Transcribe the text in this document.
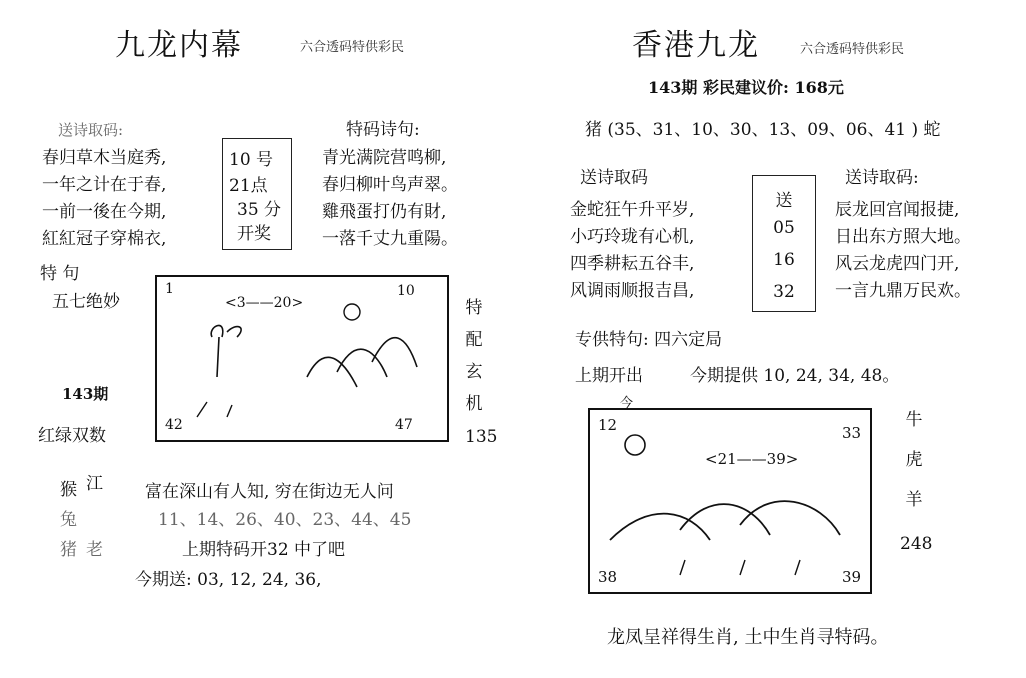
九龙内幕	六合透码特供彩民
送诗取码:
春归草木当庭秀,
一年之计在于春,
一前一後在今期,
紅紅冠子穿棉衣,
10 号
21点
35 分
开奖
特码诗句:
青光满院营鸣柳,
春归柳叶鸟声翠。
雞飛蛋打仍有財,
一落千丈九重陽。
特 句
五七绝妙
1
<3——20>
10
42	47
特
配
玄
机
135
143期
红绿双数
猴 江
兔
猪 老
富在深山有人知, 穷在街边无人问
11、14、26、40、23、44、45
上期特码开32 中了吧
今期送: 03, 12, 24, 36,
香港九龙	六合透码特供彩民
143期 彩民建议价: 168元
猪 (35、31、10、30、13、09、06、41 ) 蛇
送诗取码
金蛇狂午升平岁,
小巧玲珑有心机,
四季耕耘五谷丰,
风调雨顺报吉昌,
送
05
16
32
送诗取码:
辰龙回宫闻报捷,
日出东方照大地。
风云龙虎四门开,
一言九鼎万民欢。
专供特句: 四六定局
上期开出	今期提供 10, 24, 34, 48。
12
<21——39>
33
38	39
今
牛
虎
羊
248
龙凤呈祥得生肖, 土中生肖寻特码。
